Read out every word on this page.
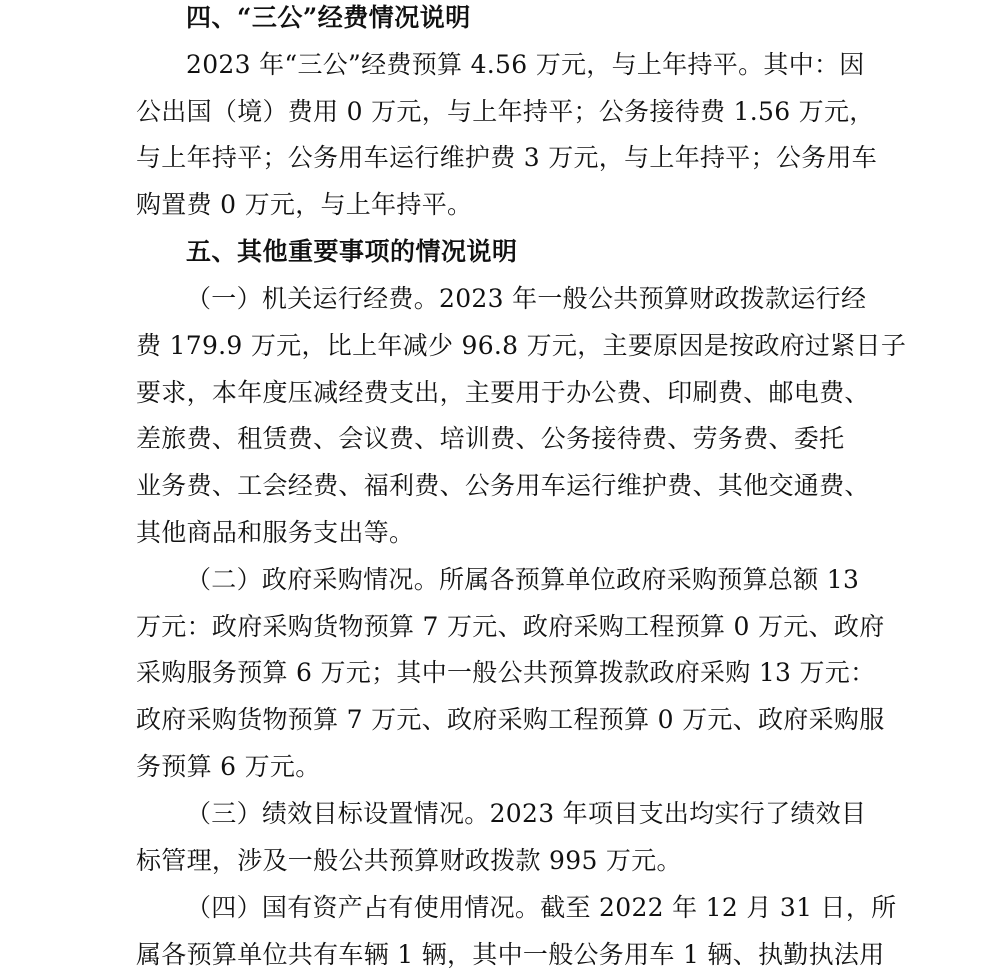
四、“三公”经费情况说明
2023 年“三公”经费预算 4.56 万元，与上年持平。其中：因
公出国（境）费用 0 万元，与上年持平；公务接待费 1.56 万元，
与上年持平；公务用车运行维护费 3 万元，与上年持平；公务用车
购置费 0 万元，与上年持平。
五、其他重要事项的情况说明
（一）机关运行经费。2023 年一般公共预算财政拨款运行经
费 179.9 万元，比上年减少 96.8 万元，主要原因是按政府过紧日子
要求，本年度压减经费支出，主要用于办公费、印刷费、邮电费、
差旅费、租赁费、会议费、培训费、公务接待费、劳务费、委托
业务费、工会经费、福利费、公务用车运行维护费、其他交通费、
其他商品和服务支出等。
（二）政府采购情况。所属各预算单位政府采购预算总额 13
万元：政府采购货物预算 7 万元、政府采购工程预算 0 万元、政府
采购服务预算 6 万元；其中一般公共预算拨款政府采购 13 万元：
政府采购货物预算 7 万元、政府采购工程预算 0 万元、政府采购服
务预算 6 万元。
（三）绩效目标设置情况。2023 年项目支出均实行了绩效目
标管理，涉及一般公共预算财政拨款 995 万元。
（四）国有资产占有使用情况。截至 2022 年 12 月 31 日，所
属各预算单位共有车辆 1 辆，其中一般公务用车 1 辆、执勤执法用
